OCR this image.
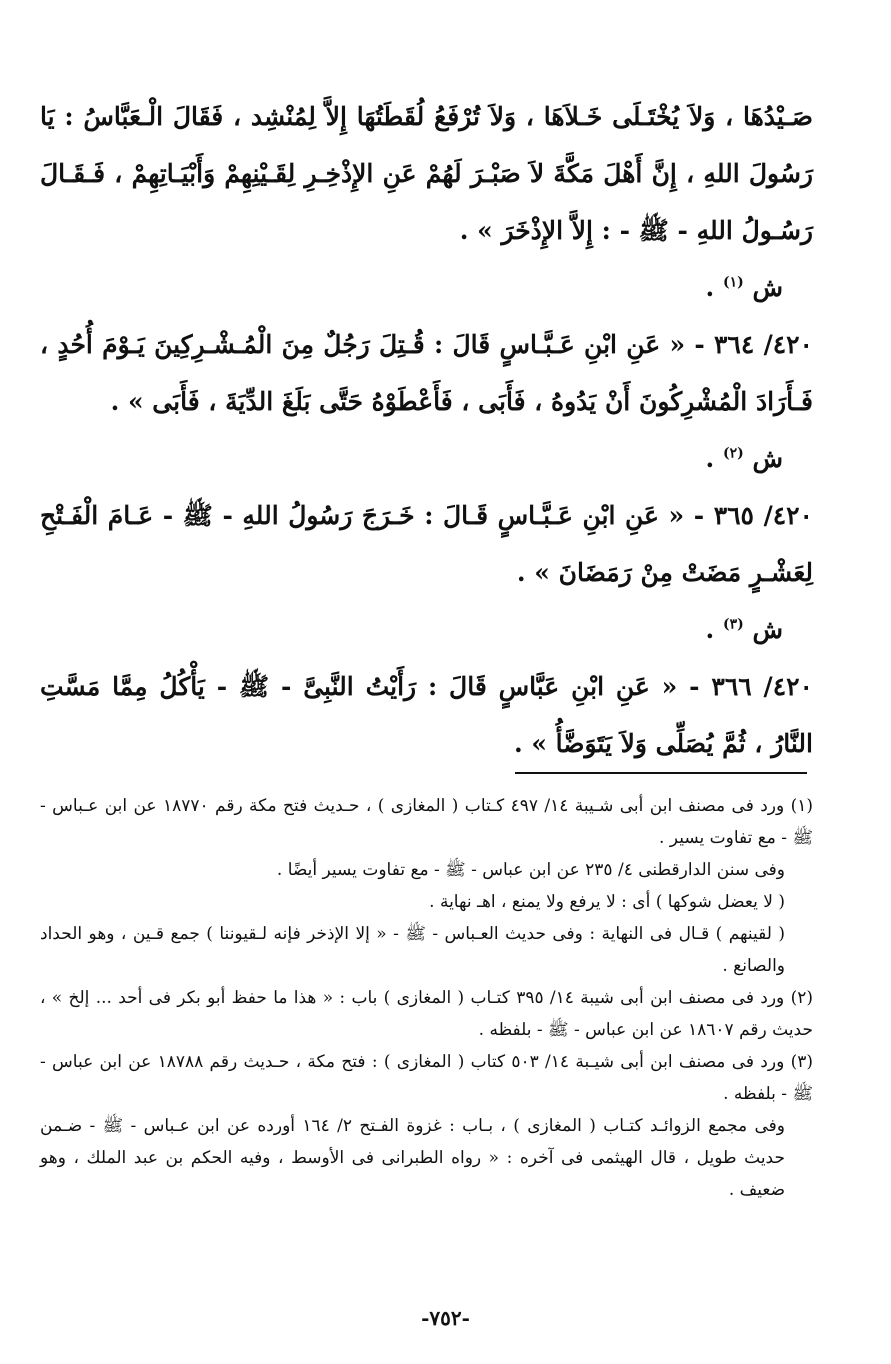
صَـيْدُهَا ، وَلاَ يُخْتَـلَى خَـلاَهَا ، وَلاَ تُرْفَعُ لُقَطَتُهَا إِلاَّ لِمُنْشِد ، فَقَالَ الْـعَبَّاسُ : يَا رَسُولَ اللهِ ، إِنَّ أَهْلَ مَكَّةَ لاَ صَبْـرَ لَهُمْ عَنِ الإِذْخِـرِ لِقَـيْنِهِمْ وَأَبْيَـاتِهِمْ ، فَـقَـالَ رَسُـولُ اللهِ - ﷺ - : إِلاَّ الإِذْخَرَ » .

ش $^{(١)}$ .

٤٢٠/ ٣٦٤ - « عَنِ ابْنِ عَـبَّـاسٍ قَالَ : قُـتِلَ رَجُلٌ مِنَ الْمُـشْـرِكِينَ يَـوْمَ أُحُدٍ ، فَـأَرَادَ الْمُشْرِكُونَ أَنْ يَدُوهُ ، فَأَبَى ، فَأَعْطَوْهُ حَتَّى بَلَغَ الدِّيَةَ ، فَأَبَى » .

ش $^{(٢)}$ .

٤٢٠/ ٣٦٥ - « عَنِ ابْنِ عَـبَّـاسٍ قَـالَ : خَـرَجَ رَسُولُ اللهِ - ﷺ - عَـامَ الْفَـتْحِ لِعَشْـرٍ مَضَتْ مِنْ رَمَضَانَ » .

ش $^{(٣)}$ .

٤٢٠/ ٣٦٦ - « عَنِ ابْنِ عَبَّاسٍ قَالَ : رَأَيْتُ النَّبِىَّ - ﷺ - يَأْكُلُ مِمَّا مَسَّتِ النَّارُ ، ثُمَّ يُصَلِّى وَلاَ يَتَوَضَّأُ » .

(١) ورد فى مصنف ابن أبى شـيبة ١٤/ ٤٩٧ كـتاب ( المغازى ) ، حـديث فتح مكة رقم ١٨٧٧٠ عن ابن عـباس - ﷺ - مع تفاوت يسير .

وفى سنن الدارقطنى ٤/ ٢٣٥ عن ابن عباس - ﷺ - مع تفاوت يسير أيضًا .

( لا يعضل شوكها ) أى : لا يرفع ولا يمنع ، اهـ نهاية .

( لقينهم ) قـال فى النهاية : وفى حديث العـباس - ﷺ - « إلا الإذخر فإنه لـقيوننا ) جمع قـين ، وهو الحداد والصانع .

(٢) ورد فى مصنف ابن أبى شيبة ١٤/ ٣٩٥ كتـاب ( المغازى ) باب : « هذا ما حفظ أبو بكر فى أحد ... إلخ » ، حديث رقم ١٨٦٠٧ عن ابن عباس - ﷺ - بلفظه .

(٣) ورد فى مصنف ابن أبى شيـبة ١٤/ ٥٠٣ كتاب ( المغازى ) : فتح مكة ، حـديث رقم ١٨٧٨٨ عن ابن عباس - ﷺ - بلفظه .

وفى مجمع الزوائـد كتـاب ( المغازى ) ، بـاب : غزوة الفـتح ٢/ ١٦٤ أورده عن ابن عـباس - ﷺ - ضـمن حديث طويل ، قال الهيثمى فى آخره : « رواه الطبرانى فى الأوسط ، وفيه الحكم بن عبد الملك ، وهو ضعيف .

-٧٥٢-
